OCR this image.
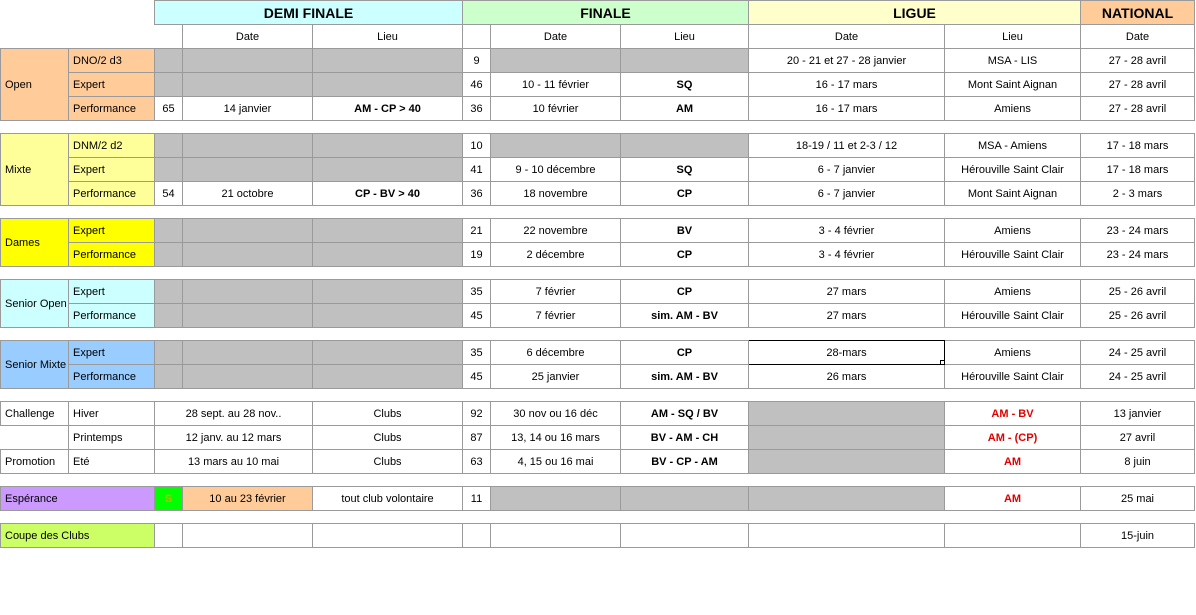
		DEMI FINALE			FINALE			LIGUE		NATIONAL
			Date	Lieu		Date	Lieu	Date	Lieu	Date
Open	DNO/2 d3				9			20 - 21 et 27 - 28 janvier	MSA - LIS	27 - 28 avril
	Expert				46	10 - 11 février	SQ	16 - 17 mars	Mont Saint Aignan	27 - 28 avril
	Performance	65	14 janvier	AM - CP > 40	36	10 février	AM	16 - 17 mars	Amiens	27 - 28 avril

Mixte	DNM/2 d2				10			18-19 / 11 et 2-3 / 12	MSA - Amiens	17 - 18 mars
	Expert				41	9 - 10 décembre	SQ	6 - 7 janvier	Hérouville Saint Clair	17 - 18 mars
	Performance	54	21 octobre	CP - BV > 40	36	18 novembre	CP	6 - 7 janvier	Mont Saint Aignan	2 - 3 mars

Dames	Expert				21	22 novembre	BV	3 - 4 février	Amiens	23 - 24 mars
	Performance				19	2 décembre	CP	3 - 4 février	Hérouville Saint Clair	23 - 24 mars

Senior Open	Expert				35	7 février	CP	27 mars	Amiens	25 - 26 avril
	Performance				45	7 février	sim. AM - BV	27 mars	Hérouville Saint Clair	25 - 26 avril

Senior Mixte	Expert				35	6 décembre	CP	28-mars	Amiens	24 - 25 avril
	Performance				45	25 janvier	sim. AM - BV	26 mars	Hérouville Saint Clair	24 - 25 avril

Challenge	Hiver	28 sept. au 28 nov..		Clubs	92	30 nov ou 16 déc	AM - SQ / BV		AM - BV	13 janvier
	Printemps	12 janv. au 12 mars		Clubs	87	13, 14 ou 16 mars	BV - AM - CH		AM - (CP)	27 avril
Promotion	Eté	13 mars au 10 mai		Clubs	63	4, 15 ou 16 mai	BV - CP - AM		AM	8 juin

Espérance		S	10 au 23 février	tout club volontaire	11				AM	25 mai

Coupe des Clubs										15-juin
